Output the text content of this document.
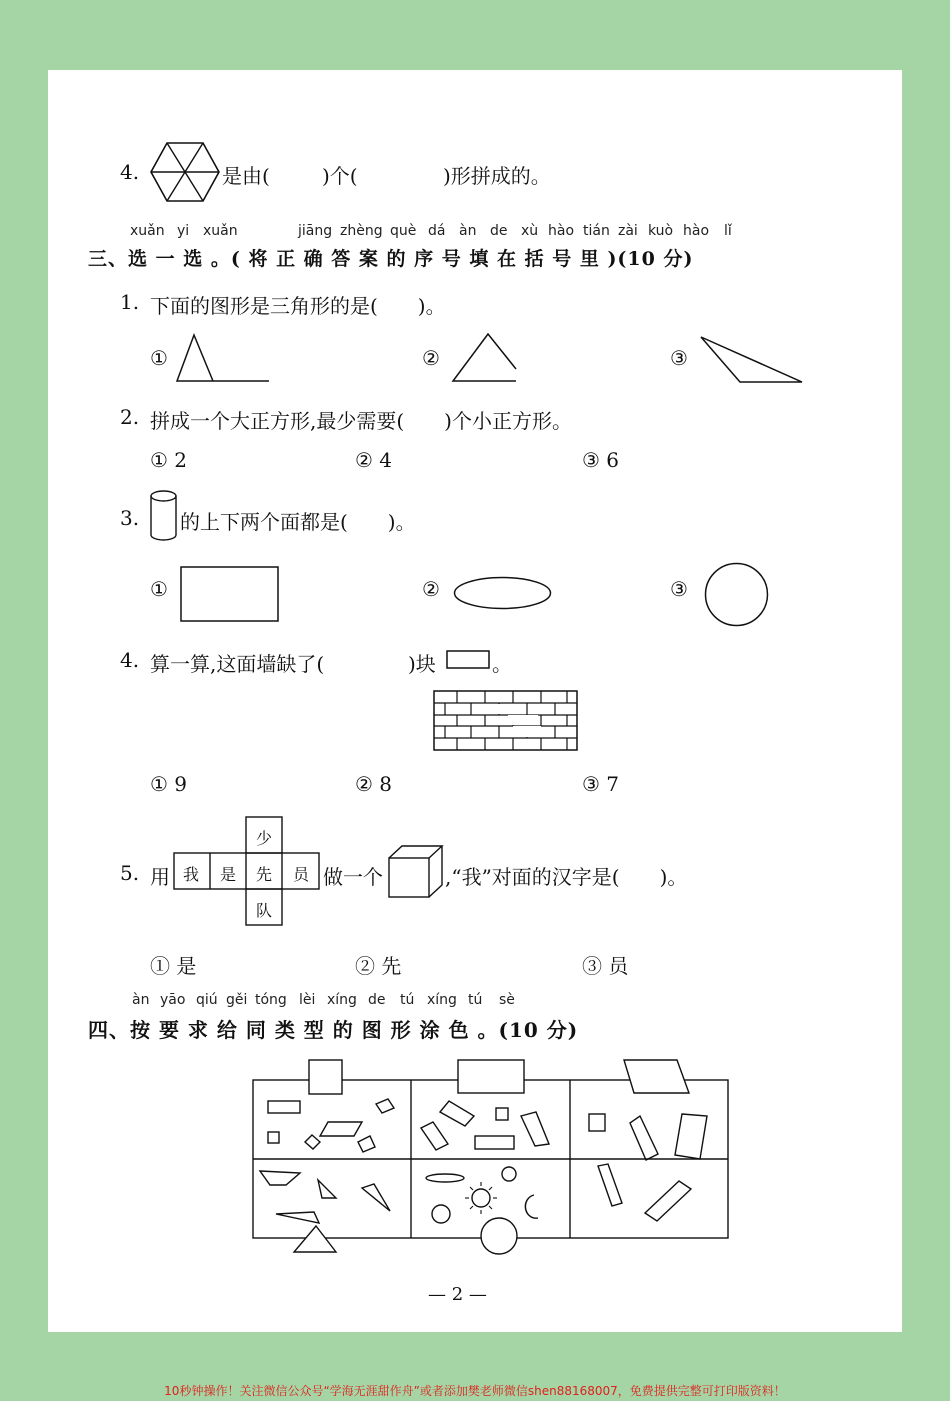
4.	是由(	)个(	)形拼成的。
xuǎn yi xuǎn	jiāng zhèng què dá àn de xù hào tián zài kuò hào lǐ
三、选 一 选 。( 将 正 确 答 案 的 序 号 填 在 括 号 里 )(10 分)
1. 下面的图形是三角形的是(　　)。
①	②	③
2. 拼成一个大正方形,最少需要(　　)个小正方形。
① 2	② 4	③ 6
3. 的上下两个面都是(　　)。
①	②	③
4. 算一算,这面墙缺了(	)块	。
① 9	② 8	③ 7
5. 用
少
我 是 先 员
队
做一个	,“我”对面的汉字是(　　)。
① 是	② 先	③ 员
àn yāo qiú gěi tóng lèi xíng de tú xíng tú sè
四、按 要 求 给 同 类 型 的 图 形 涂 色 。(10 分)
— 2 —
10秒钟操作！关注微信公众号“学海无涯甜作舟”或者添加樊老师微信shen88168007，免费提供完整可打印版资料！
